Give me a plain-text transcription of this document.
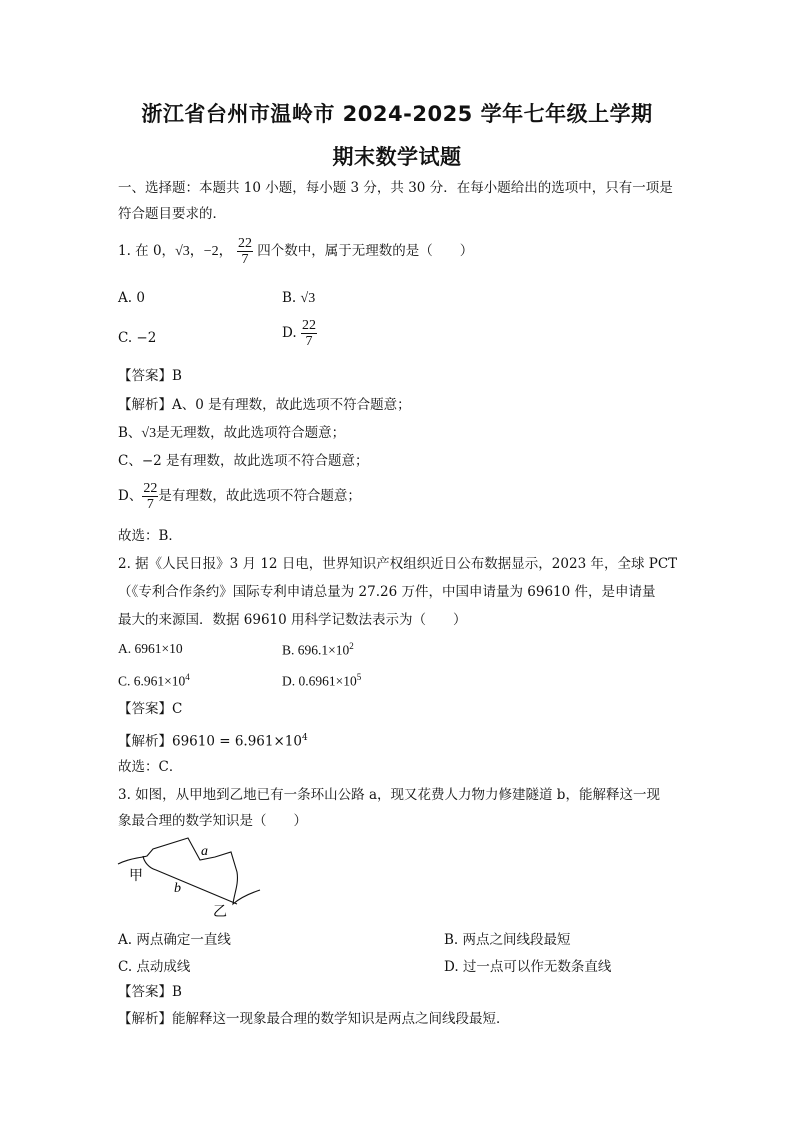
浙江省台州市温岭市 2024-2025 学年七年级上学期
期末数学试题
一、选择题：本题共 10 小题，每小题 3 分，共 30 分．在每小题给出的选项中，只有一项是
符合题目要求的．
1. 在 0，√3，−2， $\frac{22}{7}$ 四个数中，属于无理数的是（　　）
A. 0	B. √3
C. −2	D. $\frac{22}{7}$
【答案】B
【解析】A、0 是有理数，故此选项不符合题意；
B、√3是无理数，故此选项符合题意；
C、−2 是有理数，故此选项不符合题意；
D、 $\frac{22}{7}$ 是有理数，故此选项不符合题意；
故选：B．
2. 据《人民日报》3 月 12 日电，世界知识产权组织近日公布数据显示，2023 年，全球 PCT
（《专利合作条约》国际专利申请总量为 27.26 万件，中国申请量为 69610 件，是申请量
最大的来源国．数据 69610 用科学记数法表示为（　　）
A. 6961×10	B. $696.1\times 10^2$
C. $6.961\times 10^4$	D. $0.6961\times 10^5$
【答案】C
【解析】$69610 = 6.961\times 10^4$
故选：C．
3. 如图，从甲地到乙地已有一条环山公路 a，现又花费人力物力修建隧道 b，能解释这一现
象最合理的数学知识是（　　）
a
b
甲
乙
A. 两点确定一直线	B. 两点之间线段最短
C. 点动成线	D. 过一点可以作无数条直线
【答案】B
【解析】能解释这一现象最合理的数学知识是两点之间线段最短．
